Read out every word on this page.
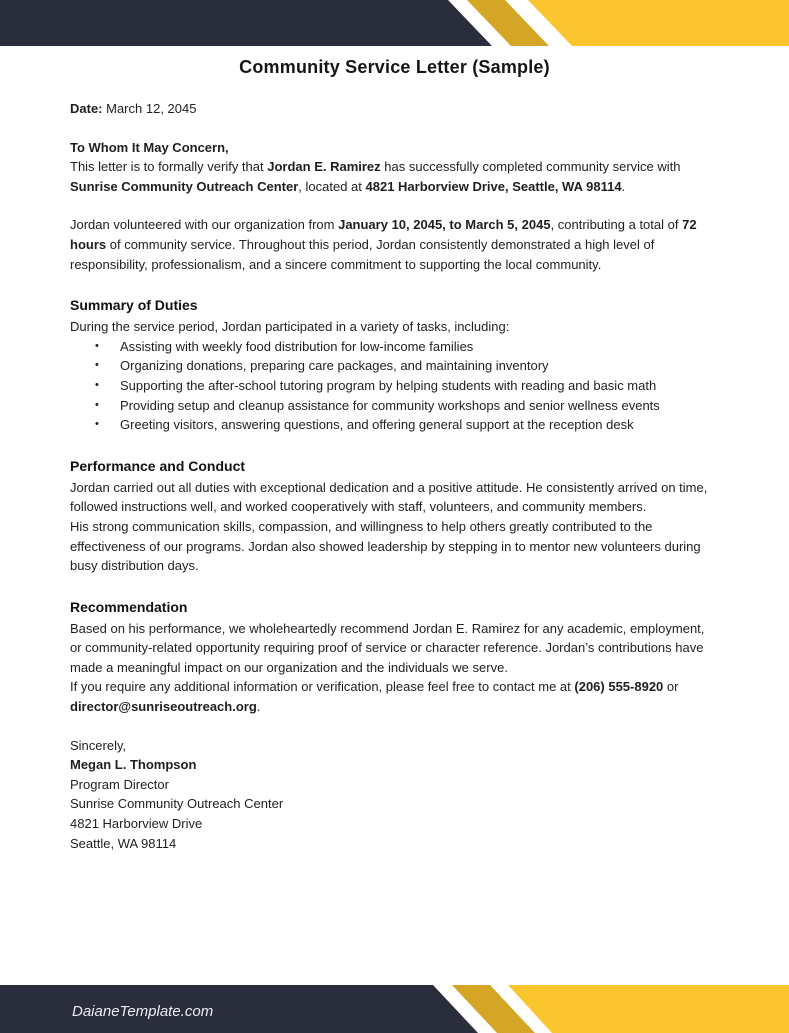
Community Service Letter (Sample)

Date: March 12, 2045

To Whom It May Concern,

This letter is to formally verify that Jordan E. Ramirez has successfully completed community service with Sunrise Community Outreach Center, located at 4821 Harborview Drive, Seattle, WA 98114.

Jordan volunteered with our organization from January 10, 2045, to March 5, 2045, contributing a total of 72 hours of community service. Throughout this period, Jordan consistently demonstrated a high level of responsibility, professionalism, and a sincere commitment to supporting the local community.

Summary of Duties

During the service period, Jordan participated in a variety of tasks, including:

•	Assisting with weekly food distribution for low-income families
•	Organizing donations, preparing care packages, and maintaining inventory
•	Supporting the after-school tutoring program by helping students with reading and basic math
•	Providing setup and cleanup assistance for community workshops and senior wellness events
•	Greeting visitors, answering questions, and offering general support at the reception desk
Performance and Conduct

Jordan carried out all duties with exceptional dedication and a positive attitude. He consistently arrived on time, followed instructions well, and worked cooperatively with staff, volunteers, and community members.

His strong communication skills, compassion, and willingness to help others greatly contributed to the effectiveness of our programs. Jordan also showed leadership by stepping in to mentor new volunteers during busy distribution days.

Recommendation

Based on his performance, we wholeheartedly recommend Jordan E. Ramirez for any academic, employment, or community-related opportunity requiring proof of service or character reference. Jordan’s contributions have made a meaningful impact on our organization and the individuals we serve.

If you require any additional information or verification, please feel free to contact me at (206) 555-8920 or director@sunriseoutreach.org.

Sincerely,

Megan L. Thompson

Program Director

Sunrise Community Outreach Center

4821 Harborview Drive

Seattle, WA 98114

DaianeTemplate.com
